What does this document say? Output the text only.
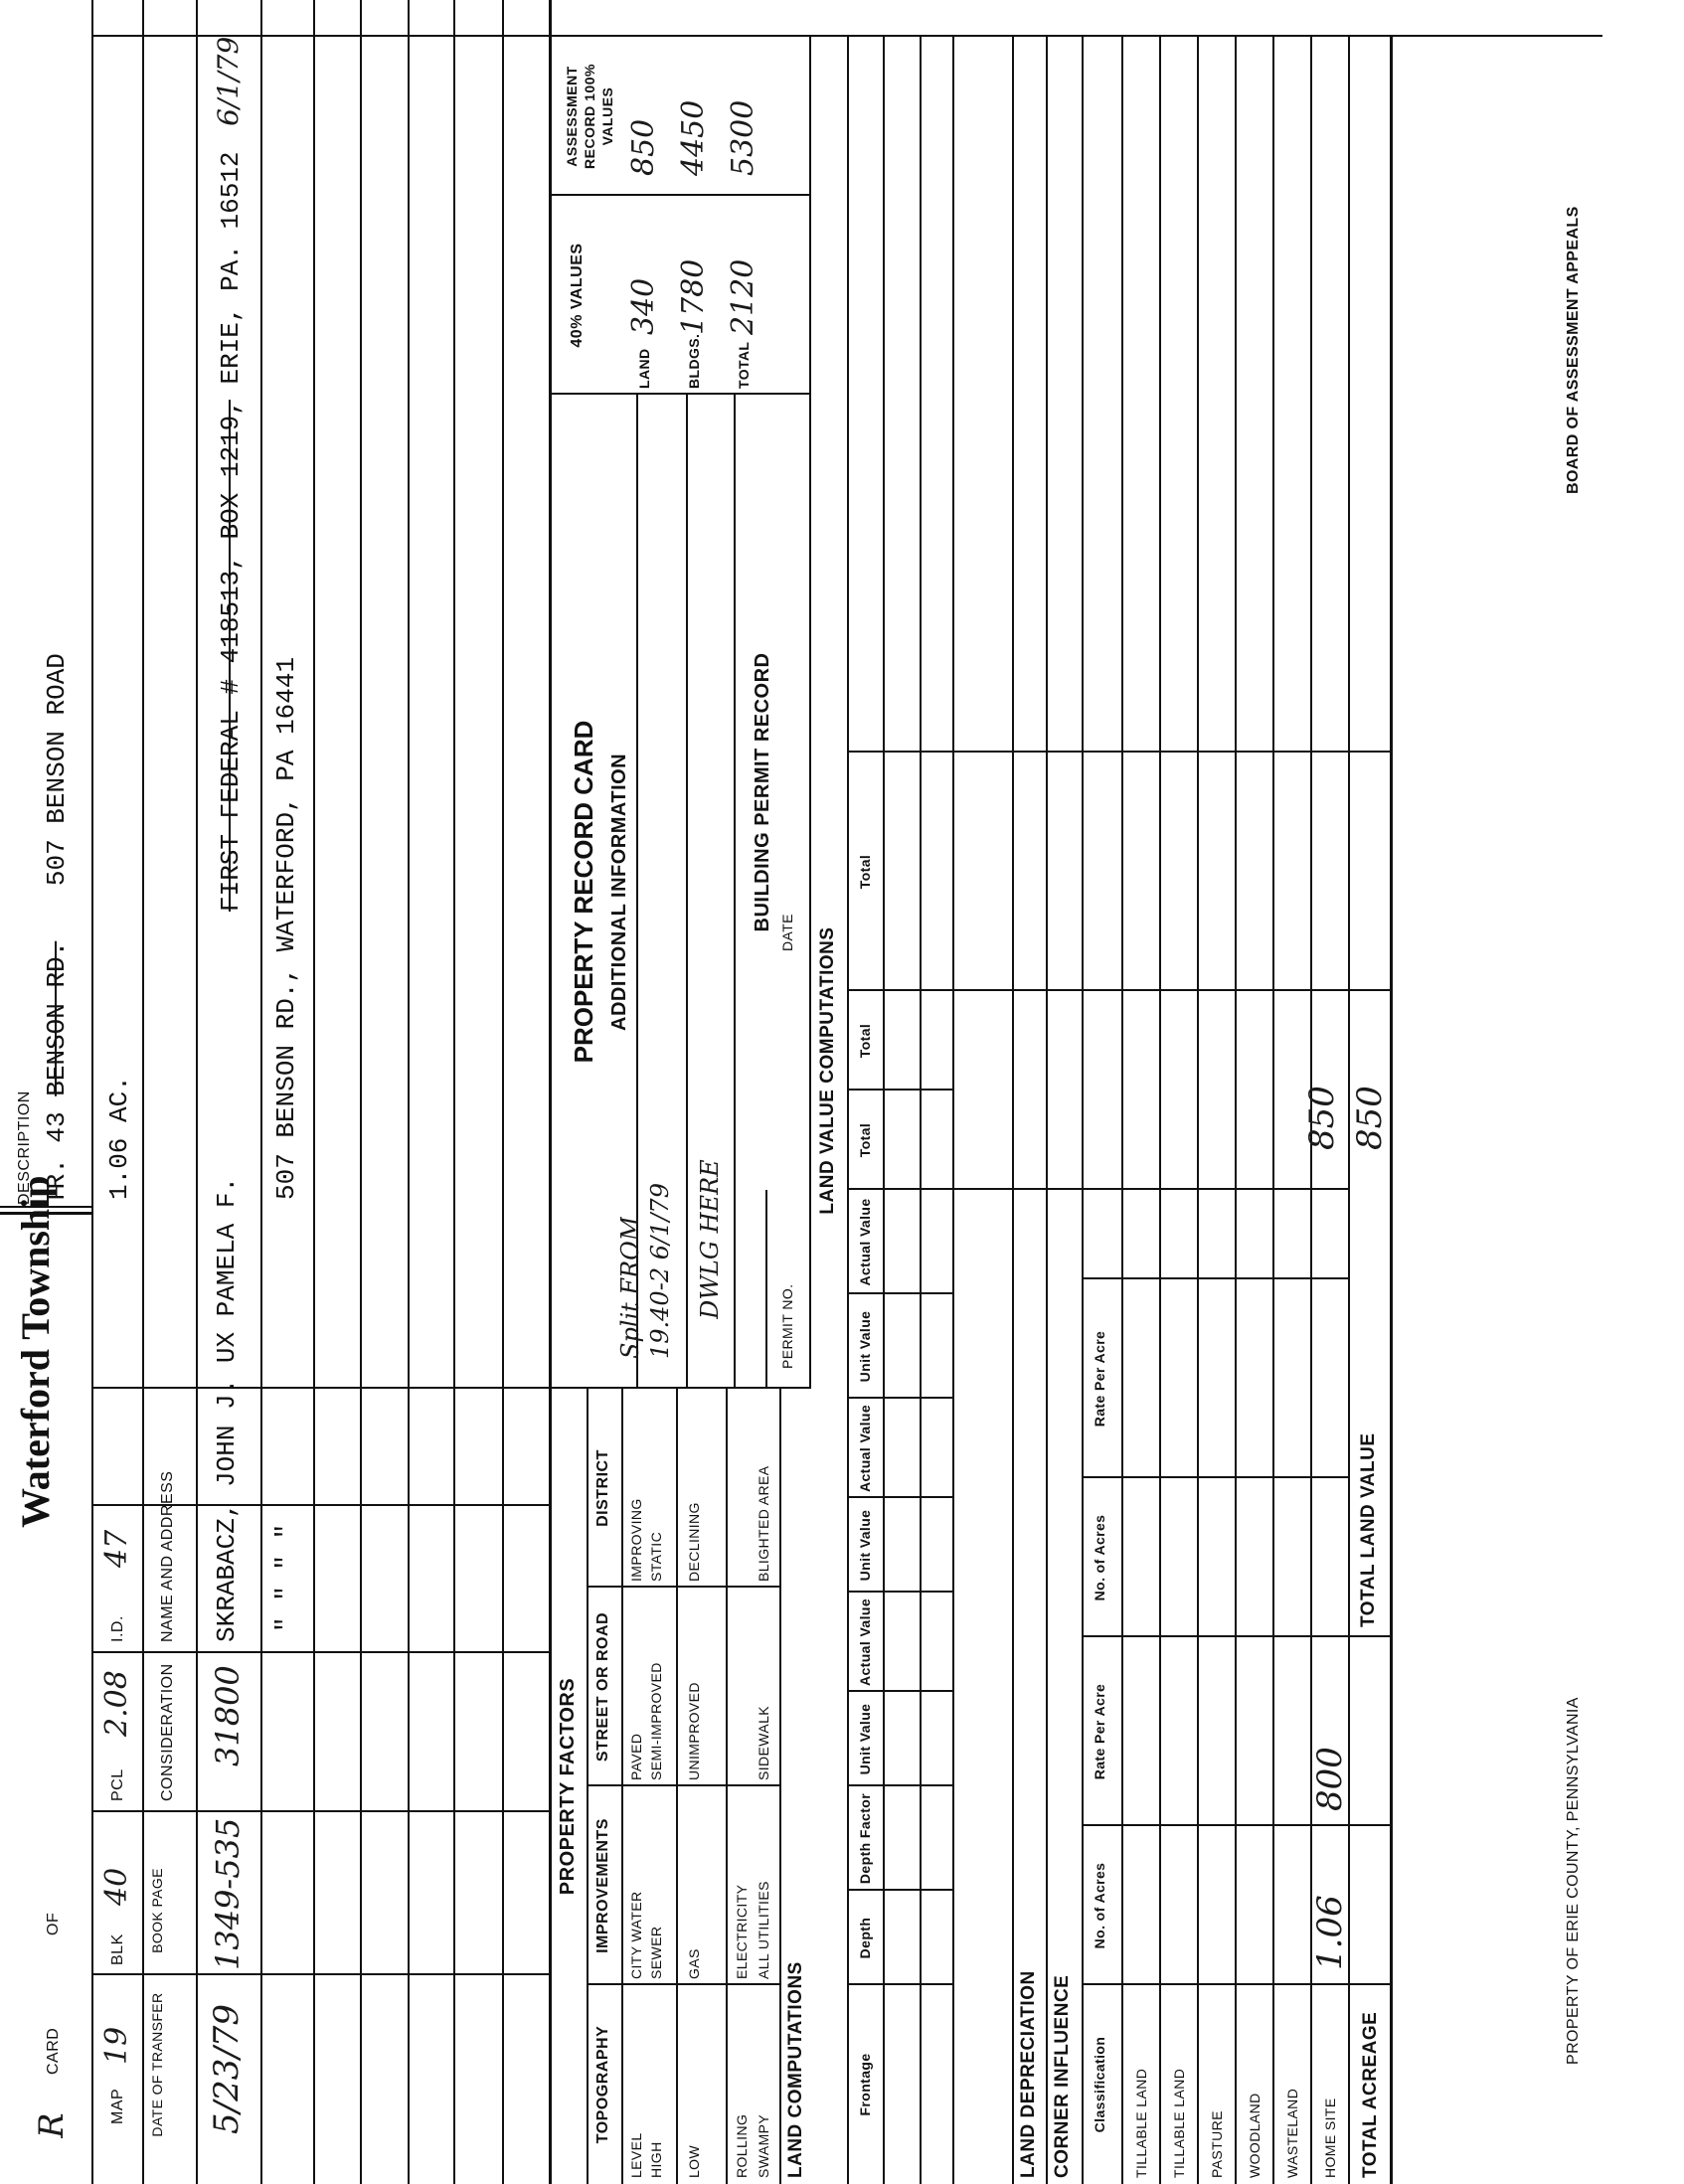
R
CARD
OF
Waterford Township
DESCRIPTION TR. 43 BENSON RD. 507 BENSON ROAD
MAP
19
BLK
40
PCL
2.08
I.D.
47
1.06 AC.
DATE OF TRANSFER
BOOK PAGE
CONSIDERATION
NAME AND ADDRESS
5/23/79
1349-535
31800
SKRABACZ, JOHN J. UX PAMELA F.
FIRST FEDERAL # 418513, BOX 1219, ERIE, PA. 16512 6/1/79
" " " "
507 BENSON RD., WATERFORD, PA 16441
PROPERTY FACTORS
TOPOGRAPHY
IMPROVEMENTS
STREET OR ROAD
DISTRICT
LEVEL HIGH LOW ROLLING SWAMPY
CITY WATER SEWER GAS ELECTRICITY ALL UTILITIES
PAVED SEMI-IMPROVED UNIMPROVED	SIDEWALK
IMPROVING STATIC DECLINING	BLIGHTED AREA
LAND COMPUTATIONS
LAND VALUE COMPUTATIONS
Frontage
Depth
Depth Factor
Unit Value
Actual Value
Unit Value
Actual Value
Unit Value
Actual Value
Total
Total
Total
LAND DEPRECIATION CORNER INFLUENCE Classification
No. of Acres
Rate Per Acre
No. of Acres
Rate Per Acre
TILLABLE LAND TILLABLE LAND PASTURE WOODLAND WASTELAND HOME SITE TOTAL ACREAGE
1.06
800
850
TOTAL LAND VALUE
850
PROPERTY RECORD CARD ADDITIONAL INFORMATION
Split FROM 19.40-2 6/1/79 DWLG HERE
BUILDING PERMIT RECORD
PERMIT NO.
DATE
40% VALUES
ASSESSMENT RECORD 100% VALUES
LAND
340
850
BLDGS.
1780
4450
TOTAL
2120
5300
PROPERTY OF ERIE COUNTY, PENNSYLVANIA
BOARD OF ASSESSMENT APPEALS
